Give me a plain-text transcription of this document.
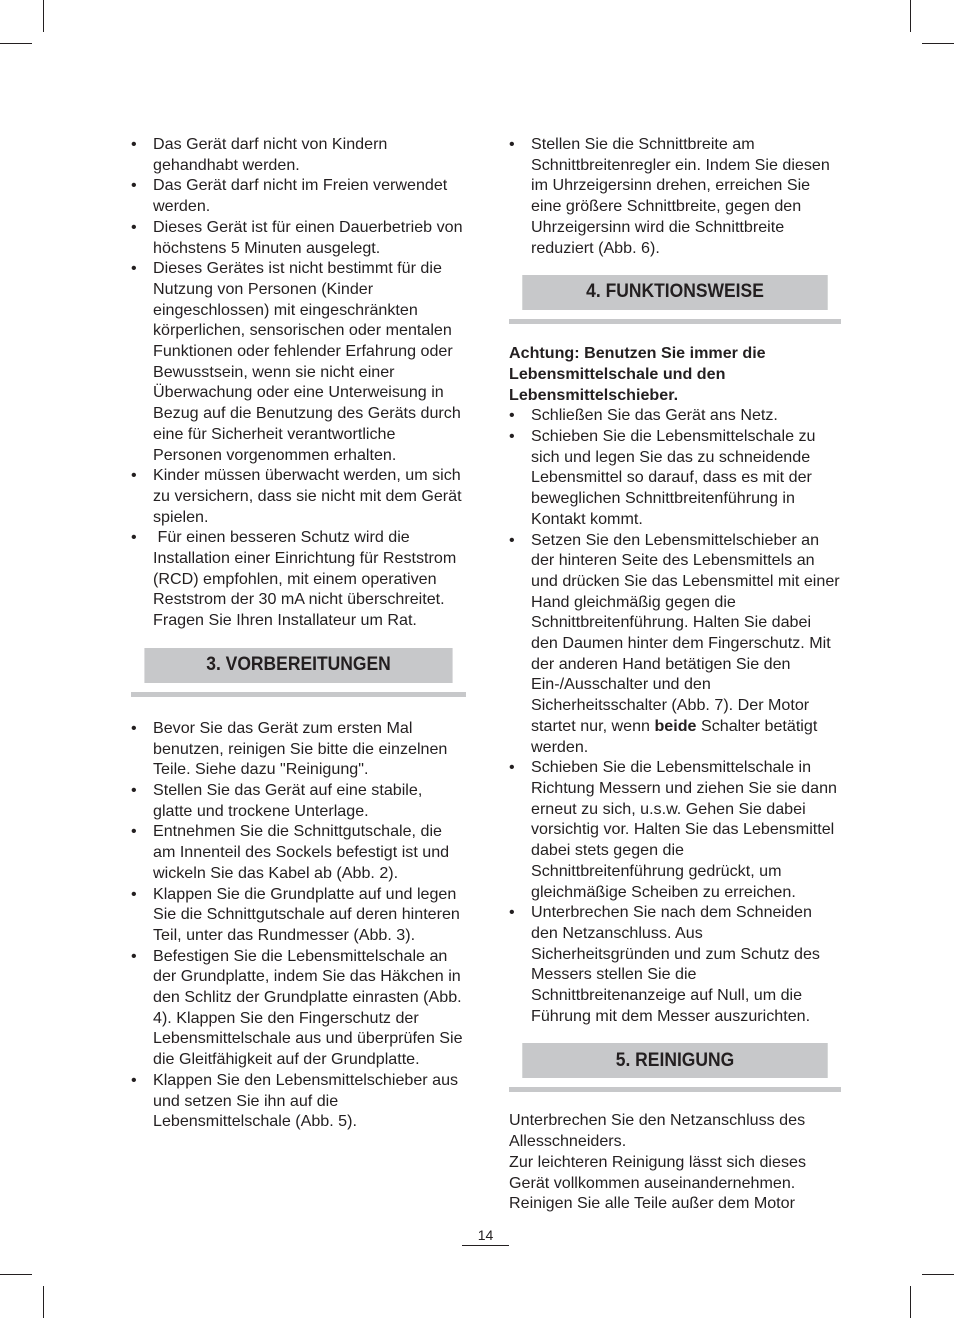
• Das Gerät darf nicht von Kindern gehandhabt werden.
• Das Gerät darf nicht im Freien verwendet werden.
• Dieses Gerät ist für einen Dauerbetrieb von höchstens 5 Minuten ausgelegt.
• Dieses Gerätes ist nicht bestimmt für die Nutzung von Personen (Kinder eingeschlossen) mit eingeschränkten körperlichen, sensorischen oder mentalen Funktionen oder fehlender Erfahrung oder Bewusstsein, wenn sie nicht einer Überwachung oder eine Unterweisung in Bezug auf die Benutzung des Geräts durch eine für Sicherheit verantwortliche Personen vorgenommen erhalten.
• Kinder müssen überwacht werden, um sich zu versichern, dass sie nicht mit dem Gerät spielen.
•  Für einen besseren Schutz wird die Installation einer Einrichtung für Reststrom (RCD) empfohlen, mit einem operativen Reststrom der 30 mA nicht überschreitet. Fragen Sie Ihren Installateur um Rat.
3. VORBEREITUNGEN
• Bevor Sie das Gerät zum ersten Mal benutzen, reinigen Sie bitte die einzelnen Teile. Siehe dazu "Reinigung".
• Stellen Sie das Gerät auf eine stabile, glatte und trockene Unterlage.
• Entnehmen Sie die Schnittgutschale, die am Innenteil des Sockels befestigt ist und wickeln Sie das Kabel ab (Abb. 2).
• Klappen Sie die Grundplatte auf und legen Sie die Schnittgutschale auf deren hinteren Teil, unter das Rundmesser (Abb. 3).
• Befestigen Sie die Lebensmittelschale an der Grundplatte, indem Sie das Häkchen in den Schlitz der Grundplatte einrasten (Abb. 4). Klappen Sie den Fingerschutz der Lebensmittelschale aus und überprüfen Sie die Gleitfähigkeit auf der Grundplatte.
• Klappen Sie den Lebensmittelschieber aus und setzen Sie ihn auf die Lebensmittelschale (Abb. 5).
• Stellen Sie die Schnittbreite am Schnittbreitenregler ein. Indem Sie diesen im Uhrzeigersinn drehen, erreichen Sie eine größere Schnittbreite, gegen den Uhrzeigersinn wird die Schnittbreite reduziert (Abb. 6).
4. FUNKTIONSWEISE

Achtung: Benutzen Sie immer die Lebensmittelschale und den Lebensmittelschieber.

• Schließen Sie das Gerät ans Netz.
• Schieben Sie die Lebensmittelschale zu sich und legen Sie das zu schneidende Lebensmittel so darauf, dass es mit der beweglichen Schnittbreitenführung in Kontakt kommt.
• Setzen Sie den Lebensmittelschieber an der hinteren Seite des Lebensmittels an und drücken Sie das Lebensmittel mit einer Hand gleichmäßig gegen die Schnittbreitenführung. Halten Sie dabei den Daumen hinter dem Fingerschutz. Mit der anderen Hand betätigen Sie den Ein-/Ausschalter und den Sicherheitsschalter (Abb. 7). Der Motor startet nur, wenn beide Schalter betätigt werden.
• Schieben Sie die Lebensmittelschale in Richtung Messern und ziehen Sie sie dann erneut zu sich, u.s.w. Gehen Sie dabei vorsichtig vor. Halten Sie das Lebensmittel dabei stets gegen die Schnittbreitenführung gedrückt, um gleichmäßige Scheiben zu erreichen.
• Unterbrechen Sie nach dem Schneiden den Netzanschluss. Aus Sicherheitsgründen und zum Schutz des Messers stellen Sie die Schnittbreitenanzeige auf Null, um die Führung mit dem Messer auszurichten.
5. REINIGUNG

Unterbrechen Sie den Netzanschluss des Allesschneiders.

Zur leichteren Reinigung lässt sich dieses Gerät vollkommen auseinandernehmen.

Reinigen Sie alle Teile außer dem Motor

14
